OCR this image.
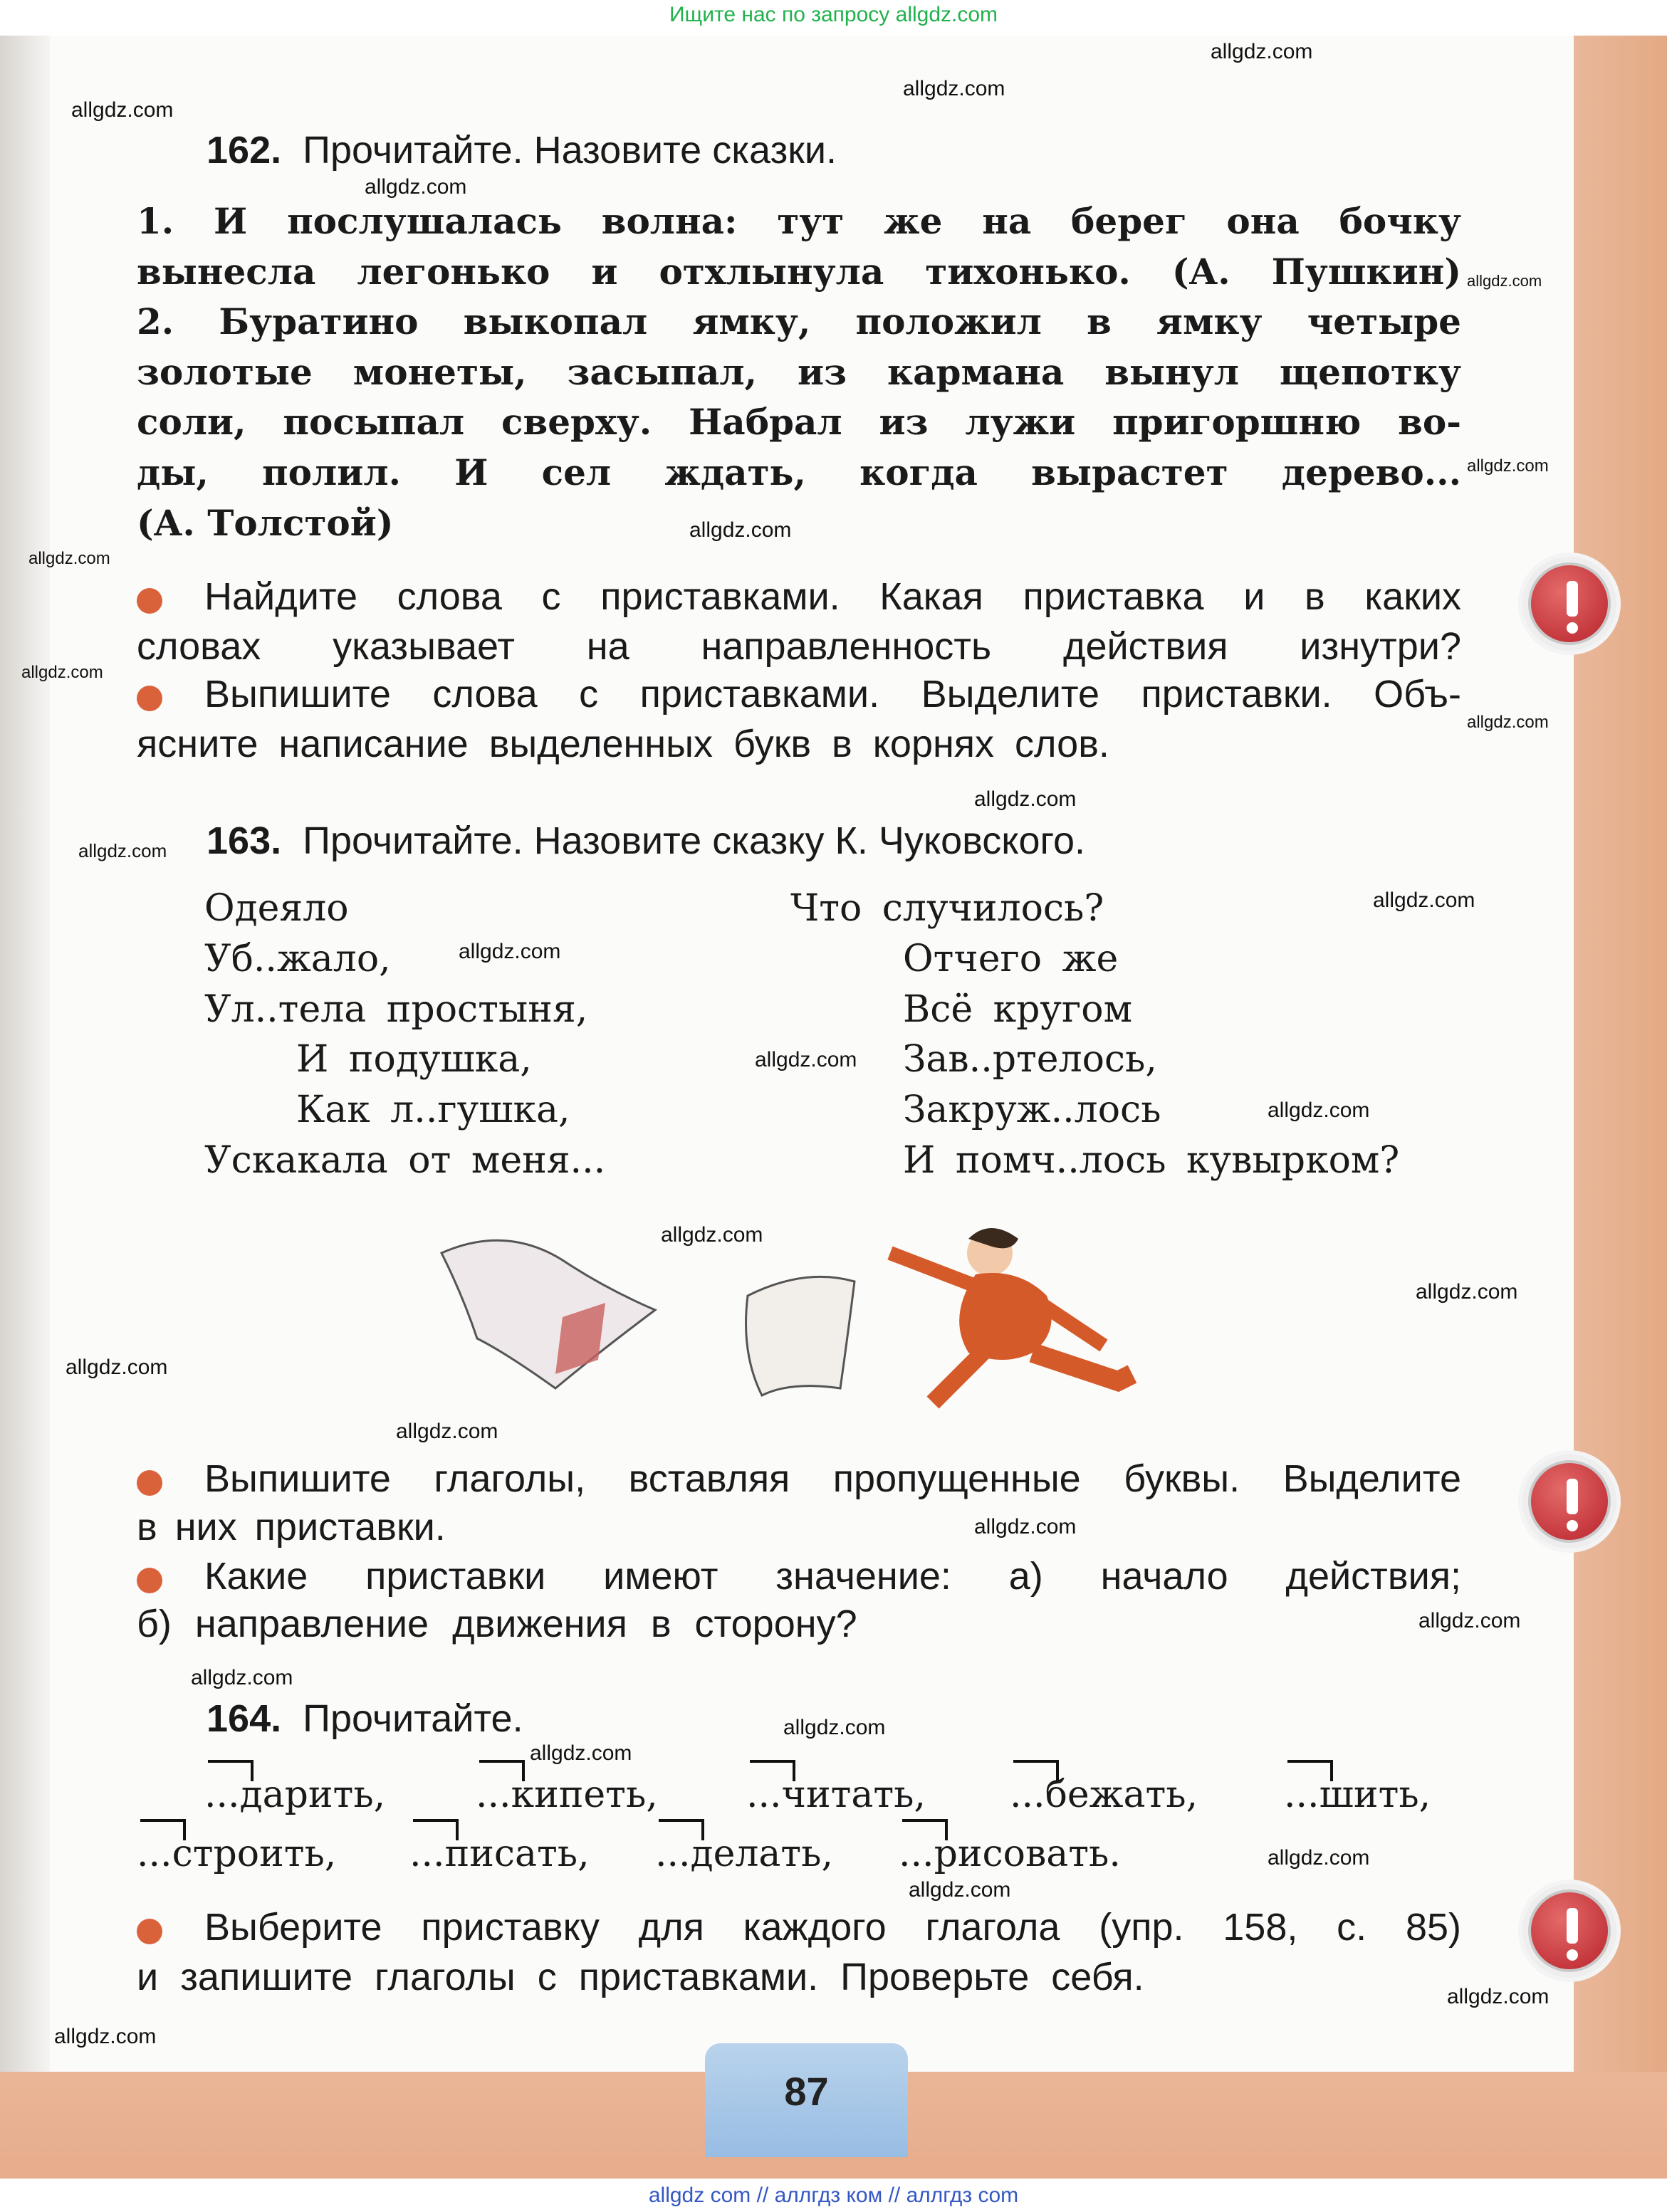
Ищите нас по запросу allgdz.com
87
allgdz com // аллгдз ком // аллгдз com
162. Прочитайте. Назовите сказки.
1. И послушалась волна: тут же на берег она бочку
вынесла легонько и отхлынула тихонько. (А. Пушкин)
2. Буратино выкопал ямку, положил в ямку четыре
золотые монеты, засыпал, из кармана вынул щепотку
соли, посыпал сверху. Набрал из лужи пригоршню во-
ды, полил. И сел ждать, когда вырастет дерево...
(А. Толстой)
Найдите слова с приставками. Какая приставка и в каких
словах указывает на направленность действия изнутри?
Выпишите слова с приставками. Выделите приставки. Объ-
ясните написание выделенных букв в корнях слов.
163. Прочитайте. Назовите сказку К. Чуковского.
Одеяло
Уб..жало,
Ул..тела простыня,
И подушка,
Как л..гушка,
Ускакала от меня...
Что случилось?
Отчего же
Всё кругом
Зав..ртелось,
Закруж..лось
И помч..лось кувырком?
Выпишите глаголы, вставляя пропущенные буквы. Выделите
в них приставки.
Какие приставки имеют значение: а) начало действия;
б) направление движения в сторону?
164. Прочитайте.
...дарить, ...кипеть, ...читать, ...бежать, ...шить,
...строить, ...писать, ...делать, ...рисовать.
Выберите приставку для каждого глагола (упр. 158, с. 85)
и запишите глаголы с приставками. Проверьте себя.
allgdz.com
allgdz.com
allgdz.com
allgdz.com
allgdz.com
allgdz.com
allgdz.com
allgdz.com
allgdz.com
allgdz.com
allgdz.com
allgdz.com
allgdz.com
allgdz.com
allgdz.com
allgdz.com
allgdz.com
allgdz.com
allgdz.com
allgdz.com
allgdz.com
allgdz.com
allgdz.com
allgdz.com
allgdz.com
allgdz.com
allgdz.com
allgdz.com
allgdz.com
